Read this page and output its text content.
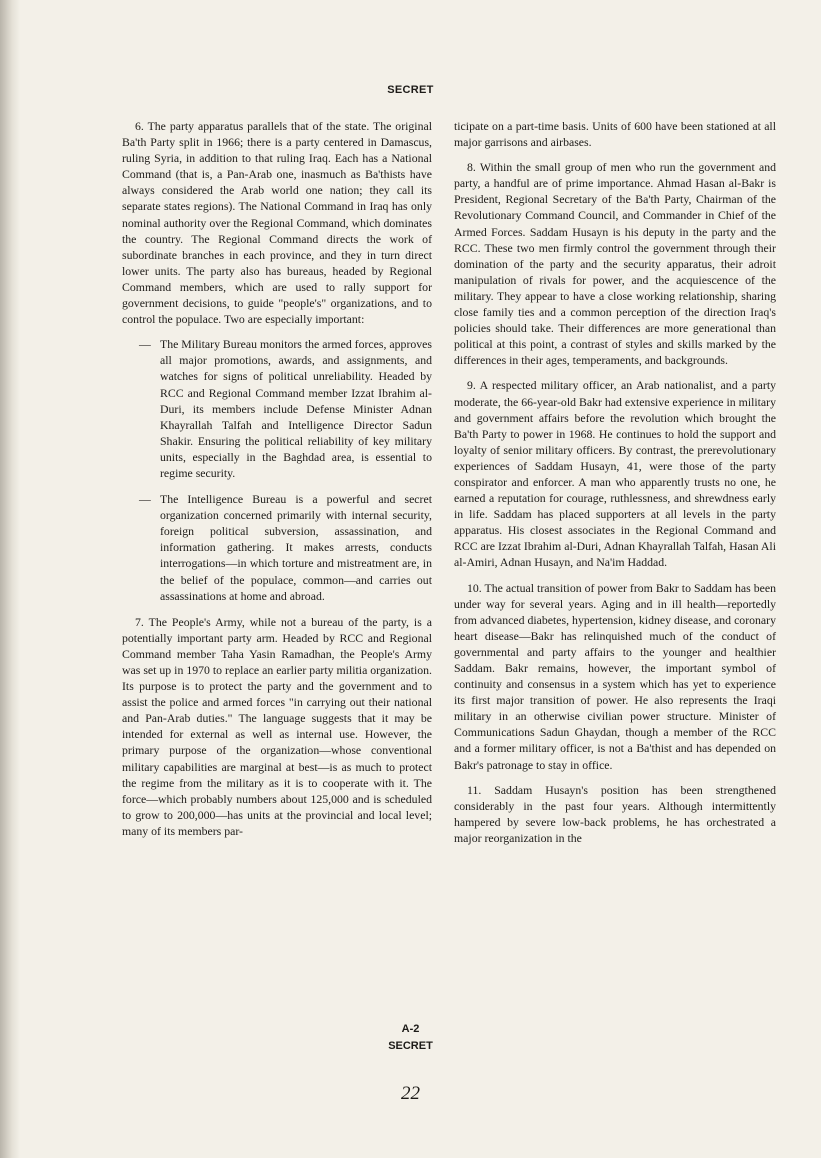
SECRET

6. The party apparatus parallels that of the state. The original Ba'th Party split in 1966; there is a party centered in Damascus, ruling Syria, in addition to that ruling Iraq. Each has a National Command (that is, a Pan-Arab one, inasmuch as Ba'thists have always considered the Arab world one nation; they call its separate states regions). The National Command in Iraq has only nominal authority over the Regional Command, which dominates the country. The Regional Command directs the work of subordinate branches in each province, and they in turn direct lower units. The party also has bureaus, headed by Regional Command members, which are used to rally support for government decisions, to guide "people's" organizations, and to control the populace. Two are especially important:

— The Military Bureau monitors the armed forces, approves all major promotions, awards, and assignments, and watches for signs of political unreliability. Headed by RCC and Regional Command member Izzat Ibrahim al-Duri, its members include Defense Minister Adnan Khayrallah Talfah and Intelligence Director Sadun Shakir. Ensuring the political reliability of key military units, especially in the Baghdad area, is essential to regime security.
— The Intelligence Bureau is a powerful and secret organization concerned primarily with internal security, foreign political subversion, assassination, and information gathering. It makes arrests, conducts interrogations—in which torture and mistreatment are, in the belief of the populace, common—and carries out assassinations at home and abroad.

7. The People's Army, while not a bureau of the party, is a potentially important party arm. Headed by RCC and Regional Command member Taha Yasin Ramadhan, the People's Army was set up in 1970 to replace an earlier party militia organization. Its purpose is to protect the party and the government and to assist the police and armed forces "in carrying out their national and Pan-Arab duties." The language suggests that it may be intended for external as well as internal use. However, the primary purpose of the organization—whose conventional military capabilities are marginal at best—is as much to protect the regime from the military as it is to cooperate with it. The force—which probably numbers about 125,000 and is scheduled to grow to 200,000—has units at the provincial and local level; many of its members par-

ticipate on a part-time basis. Units of 600 have been stationed at all major garrisons and airbases.

8. Within the small group of men who run the government and party, a handful are of prime importance. Ahmad Hasan al-Bakr is President, Regional Secretary of the Ba'th Party, Chairman of the Revolutionary Command Council, and Commander in Chief of the Armed Forces. Saddam Husayn is his deputy in the party and the RCC. These two men firmly control the government through their domination of the party and the security apparatus, their adroit manipulation of rivals for power, and the acquiescence of the military. They appear to have a close working relationship, sharing close family ties and a common perception of the direction Iraq's policies should take. Their differences are more generational than political at this point, a contrast of styles and skills marked by the differences in their ages, temperaments, and backgrounds.

9. A respected military officer, an Arab nationalist, and a party moderate, the 66-year-old Bakr had extensive experience in military and government affairs before the revolution which brought the Ba'th Party to power in 1968. He continues to hold the support and loyalty of senior military officers. By contrast, the prerevolutionary experiences of Saddam Husayn, 41, were those of the party conspirator and enforcer. A man who apparently trusts no one, he earned a reputation for courage, ruthlessness, and shrewdness early in life. Saddam has placed supporters at all levels in the party apparatus. His closest associates in the Regional Command and RCC are Izzat Ibrahim al-Duri, Adnan Khayrallah Talfah, Hasan Ali al-Amiri, Adnan Husayn, and Na'im Haddad.

10. The actual transition of power from Bakr to Saddam has been under way for several years. Aging and in ill health—reportedly from advanced diabetes, hypertension, kidney disease, and coronary heart disease—Bakr has relinquished much of the conduct of governmental and party affairs to the younger and healthier Saddam. Bakr remains, however, the important symbol of continuity and consensus in a system which has yet to experience its first major transition of power. He also represents the Iraqi military in an otherwise civilian power structure. Minister of Communications Sadun Ghaydan, though a member of the RCC and a former military officer, is not a Ba'thist and has depended on Bakr's patronage to stay in office.

11. Saddam Husayn's position has been strengthened considerably in the past four years. Although intermittently hampered by severe low-back problems, he has orchestrated a major reorganization in the

A-2
SECRET
22
